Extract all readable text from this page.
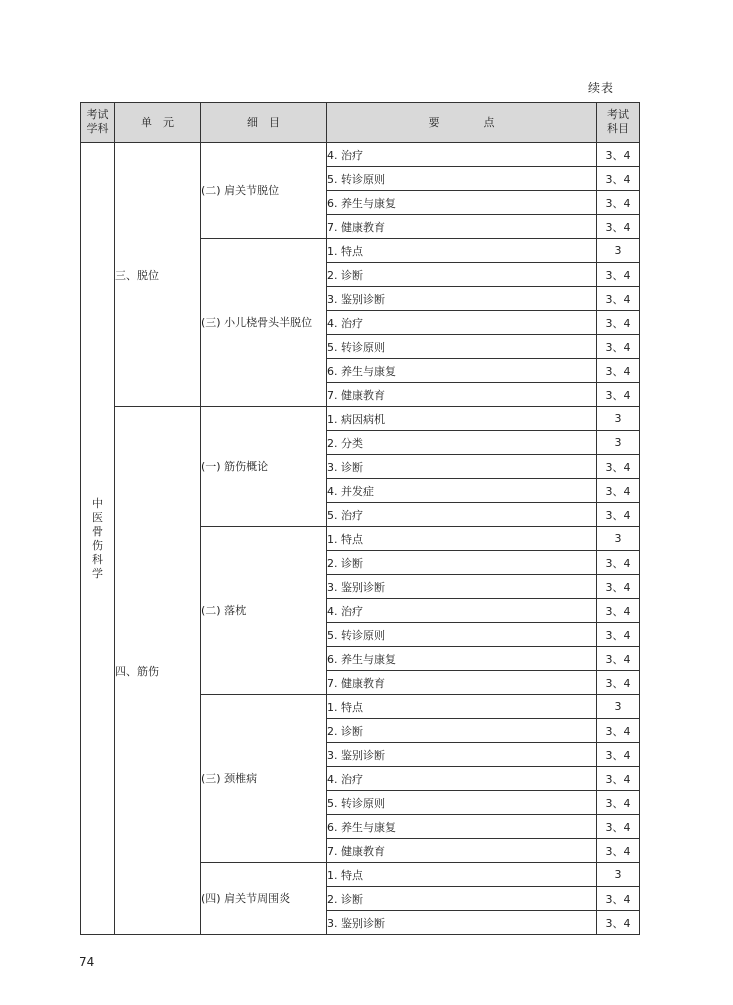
续表
考试学科	单　元	细　目	要　　　　点	考试科目
中医骨伤科学	三、脱位	(二) 肩关节脱位	4. 治疗	3、4
			5. 转诊原则	3、4
			6. 养生与康复	3、4
			7. 健康教育	3、4
		(三) 小儿桡骨头半脱位	1. 特点	3
			2. 诊断	3、4
			3. 鉴别诊断	3、4
			4. 治疗	3、4
			5. 转诊原则	3、4
			6. 养生与康复	3、4
			7. 健康教育	3、4
	四、筋伤	(一) 筋伤概论	1. 病因病机	3
			2. 分类	3
			3. 诊断	3、4
			4. 并发症	3、4
			5. 治疗	3、4
		(二) 落枕	1. 特点	3
			2. 诊断	3、4
			3. 鉴别诊断	3、4
			4. 治疗	3、4
			5. 转诊原则	3、4
			6. 养生与康复	3、4
			7. 健康教育	3、4
		(三) 颈椎病	1. 特点	3
			2. 诊断	3、4
			3. 鉴别诊断	3、4
			4. 治疗	3、4
			5. 转诊原则	3、4
			6. 养生与康复	3、4
			7. 健康教育	3、4
		(四) 肩关节周围炎	1. 特点	3
			2. 诊断	3、4
			3. 鉴别诊断	3、4
74
